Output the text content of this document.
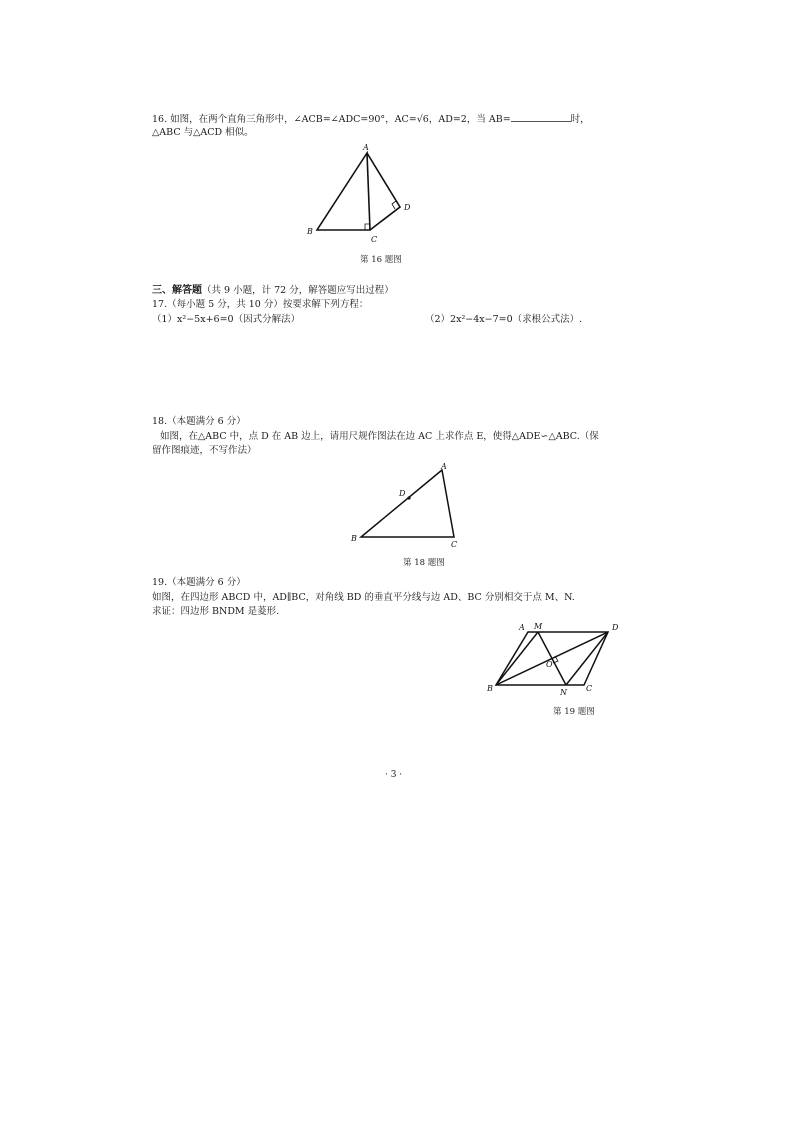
16. 如图，在两个直角三角形中，∠ACB=∠ADC=90°，AC=√6，AD=2，当 AB=	时，
△ABC 与△ACD 相似。
A
B
C
D
第 16 题图
三、解答题（共 9 小题，计 72 分，解答题应写出过程）
17.（每小题 5 分，共 10 分）按要求解下列方程：
（1）x²−5x+6=0（因式分解法）	（2）2x²−4x−7=0（求根公式法）.
18.（本题满分 6 分）
如图，在△ABC 中，点 D 在 AB 边上，请用尺规作图法在边 AC 上求作点 E，使得△ADE∽△ABC.（保
留作图痕迹，不写作法）
A
B
C
D
第 18 题图
19.（本题满分 6 分）
如图，在四边形 ABCD 中，AD∥BC，对角线 BD 的垂直平分线与边 AD、BC 分别相交于点 M、N.
求证：四边形 BNDM 是菱形.
A M	D
B	N C
O
第 19 题图
· 3 ·
